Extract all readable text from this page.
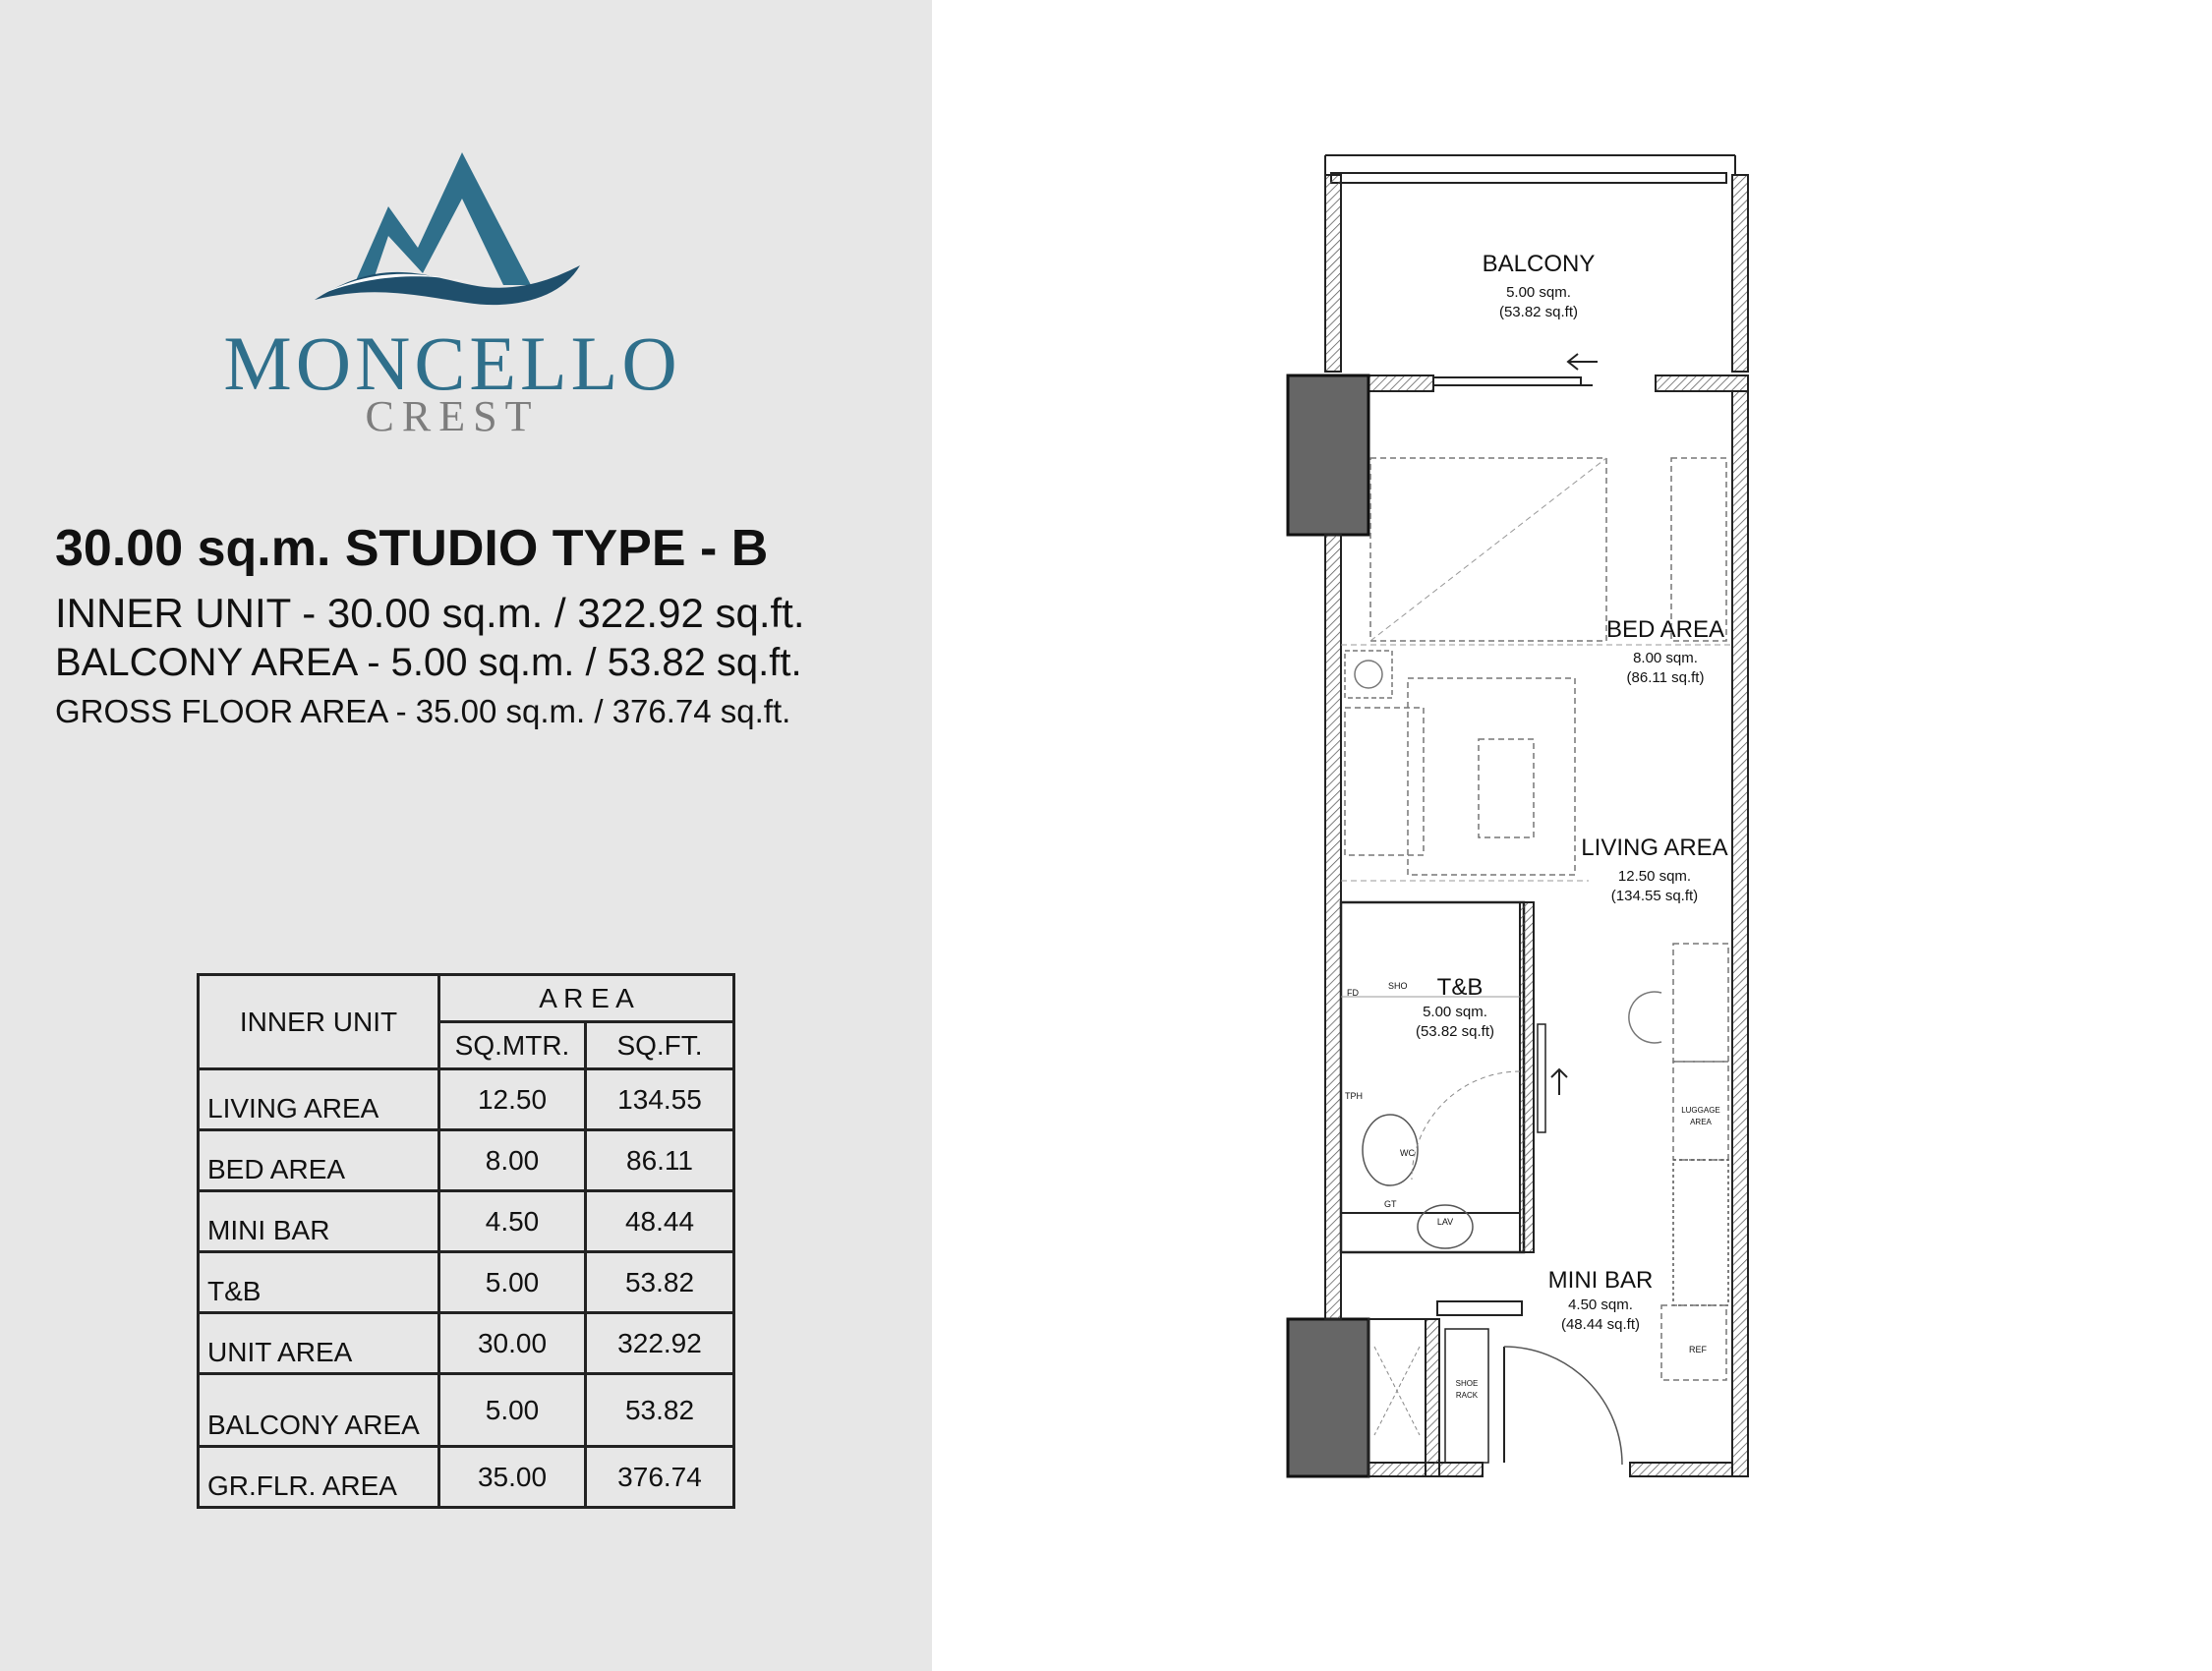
MONCELLO
CREST
30.00 sq.m. STUDIO TYPE - B
INNER UNIT - 30.00 sq.m. / 322.92 sq.ft.
BALCONY AREA - 5.00 sq.m. / 53.82 sq.ft.
GROSS FLOOR AREA - 35.00 sq.m. / 376.74 sq.ft.
INNER UNIT	A R E A	
	SQ.MTR.	SQ.FT.
LIVING AREA	12.50	134.55
BED AREA	8.00	86.11
MINI BAR	4.50	48.44
T&B	5.00	53.82
UNIT AREA	30.00	322.92
BALCONY AREA	5.00	53.82
GR.FLR. AREA	35.00	376.74
BALCONY
5.00 sqm.
(53.82 sq.ft)
BED AREA
8.00 sqm.
(86.11 sq.ft)
LIVING AREA
12.50 sqm.
(134.55 sq.ft)
T&B
5.00 sqm.
(53.82 sq.ft)
MINI BAR
4.50 sqm.
(48.44 sq.ft)
FD
SHO
TPH
WC
GT
LAV
LUGGAGE
AREA
REF
SHOE
RACK
